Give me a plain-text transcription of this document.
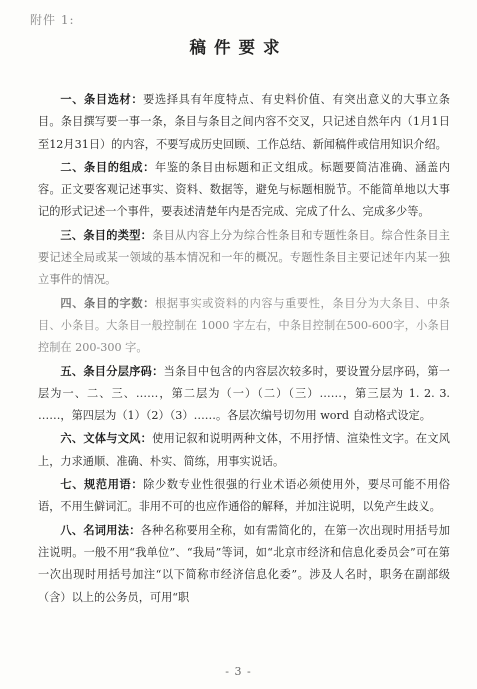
附件 1:
稿件要求

一、条目选材：要选择具有年度特点、有史料价值、有突出意义的大事立条目。条目撰写要一事一条，条目与条目之间内容不交叉，只记述自然年内（1月1日至12月31日）的内容，不要写成历史回顾、工作总结、新闻稿件或信用知识介绍。

二、条目的组成：年鉴的条目由标题和正文组成。标题要简洁准确、涵盖内容。正文要客观记述事实、资料、数据等，避免与标题相脱节。不能简单地以大事记的形式记述一个事件，要表述清楚年内是否完成、完成了什么、完成多少等。

三、条目的类型：条目从内容上分为综合性条目和专题性条目。综合性条目主要记述全局或某一领域的基本情况和一年的概况。专题性条目主要记述年内某一独立事件的情况。

四、条目的字数：根据事实或资料的内容与重要性，条目分为大条目、中条目、小条目。大条目一般控制在 1000 字左右，中条目控制在500-600字，小条目控制在 200-300 字。

五、条目分层序码：当条目中包含的内容层次较多时，要设置分层序码，第一层为一、二、三、……，第二层为（一）（二）（三）……，第三层为 1. 2. 3. ……，第四层为（1）（2）（3）……。各层次编号切勿用 word 自动格式设定。

六、文体与文风：使用记叙和说明两种文体，不用抒情、渲染性文字。在文风上，力求通顺、准确、朴实、简练，用事实说话。

七、规范用语：除少数专业性很强的行业术语必须使用外，要尽可能不用俗语，不用生僻词汇。非用不可的也应作通俗的解释，并加注说明，以免产生歧义。

八、名词用法：各种名称要用全称，如有需简化的，在第一次出现时用括号加注说明。一般不用“我单位”、“我局”等词，如“北京市经济和信息化委员会”可在第一次出现时用括号加注“以下简称市经济信息化委”。涉及人名时，职务在副部级（含）以上的公务员，可用“职

- 3 -
